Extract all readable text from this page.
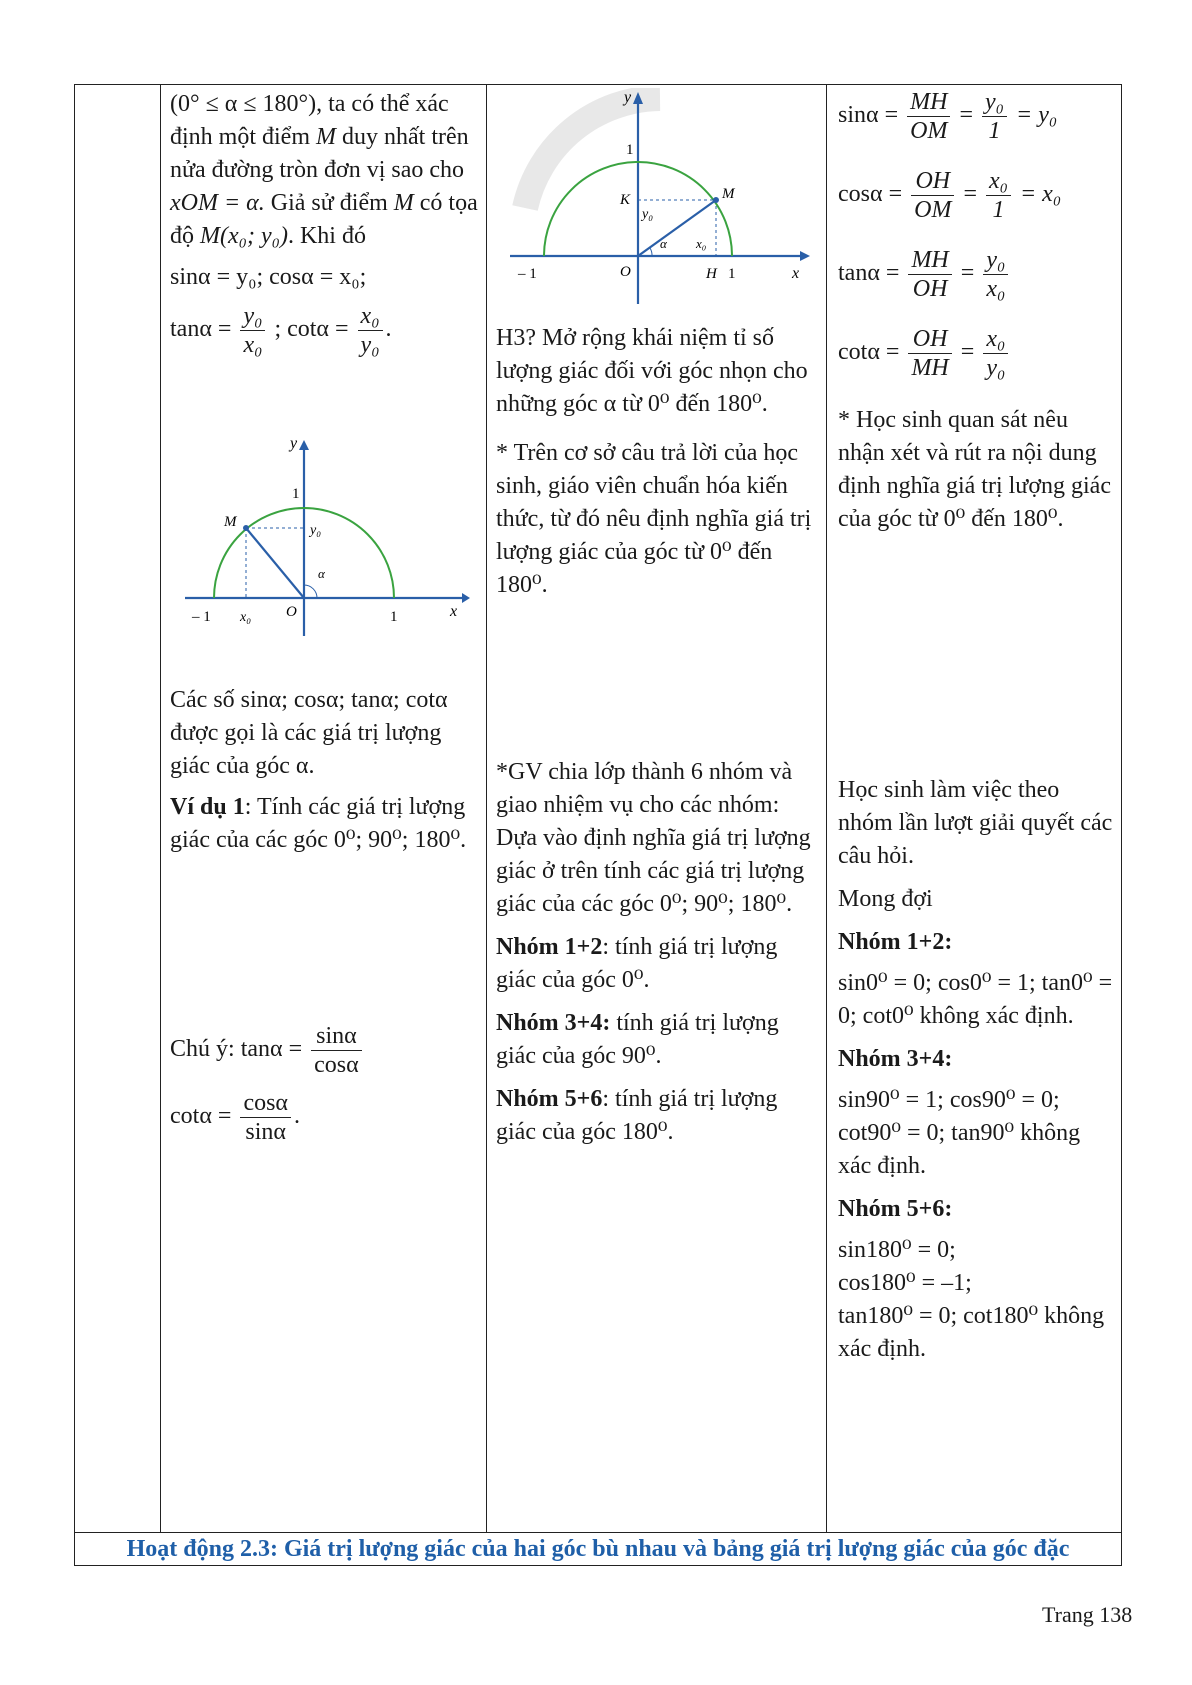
(0° ≤ α ≤ 180°), ta có thể xác định một điểm M duy nhất trên nửa đường tròn đơn vị sao cho xOM = α. Giả sử điểm M có tọa độ M(x₀; y₀). Khi đó

sinα = y₀; cosα = x₀;

$\tan\alpha = \frac{\text{y₀}}{\text{x₀}}$ ; $\cot\alpha = \frac{\text{x₀}}{\text{y₀}}$ .

y
1
M
y₀
α
– 1 x₀ O	x
1

Các số sinα; cosα; tanα; cotα được gọi là các giá trị lượng giác của góc α.

Ví dụ 1: Tính các giá trị lượng giác của các góc 0⁰; 90⁰; 180⁰.

Chú ý: $\tan\alpha = \frac{\sin\alpha}{\cos\alpha}$

$\cot\alpha = \frac{\cos\alpha}{\sin\alpha}$ .

y
1
K
y₀
M
α x₀
– 1	O	H 1	x

H3? Mở rộng khái niệm tỉ số lượng giác đối với góc nhọn cho những góc α từ 0⁰ đến 180⁰.

* Trên cơ sở câu trả lời của học sinh, giáo viên chuẩn hóa kiến thức, từ đó nêu định nghĩa giá trị lượng giác của góc từ 0⁰ đến 180⁰.

*GV chia lớp thành 6 nhóm và giao nhiệm vụ cho các nhóm: Dựa vào định nghĩa giá trị lượng giác ở trên tính các giá trị lượng giác của các góc 0⁰; 90⁰; 180⁰.

Nhóm 1+2: tính giá trị lượng giác của góc 0⁰.

Nhóm 3+4: tính giá trị lượng giác của góc 90⁰.

Nhóm 5+6: tính giá trị lượng giác của góc 180⁰.

$\sin\alpha = \frac{MH}{OM} = \frac{\text{y₀}}{1} = y_0$
$\cos\alpha = \frac{OH}{OM} = \frac{\text{x₀}}{1} = x_0$
$\tan\alpha = \frac{MH}{OH} = \frac{\text{y₀}}{\text{x₀}}$
$\cot\alpha = \frac{OH}{MH} = \frac{\text{x₀}}{\text{y₀}}$

* Học sinh quan sát nêu nhận xét và rút ra nội dung định nghĩa giá trị lượng giác của góc từ 0⁰ đến 180⁰.

Học sinh làm việc theo nhóm lần lượt giải quyết các câu hỏi.

Mong đợi

Nhóm 1+2:

sin0⁰ = 0; cos0⁰ = 1; tan0⁰ = 0; cot0⁰ không xác định.

Nhóm 3+4:

sin90⁰ = 1; cos90⁰ = 0; cot90⁰ = 0; tan90⁰ không xác định.

Nhóm 5+6:

sin180⁰ = 0;

cos180⁰ = –1;

tan180⁰ = 0; cot180⁰ không xác định.

Hoạt động 2.3: Giá trị lượng giác của hai góc bù nhau và bảng giá trị lượng giác của góc đặc
Trang 138
